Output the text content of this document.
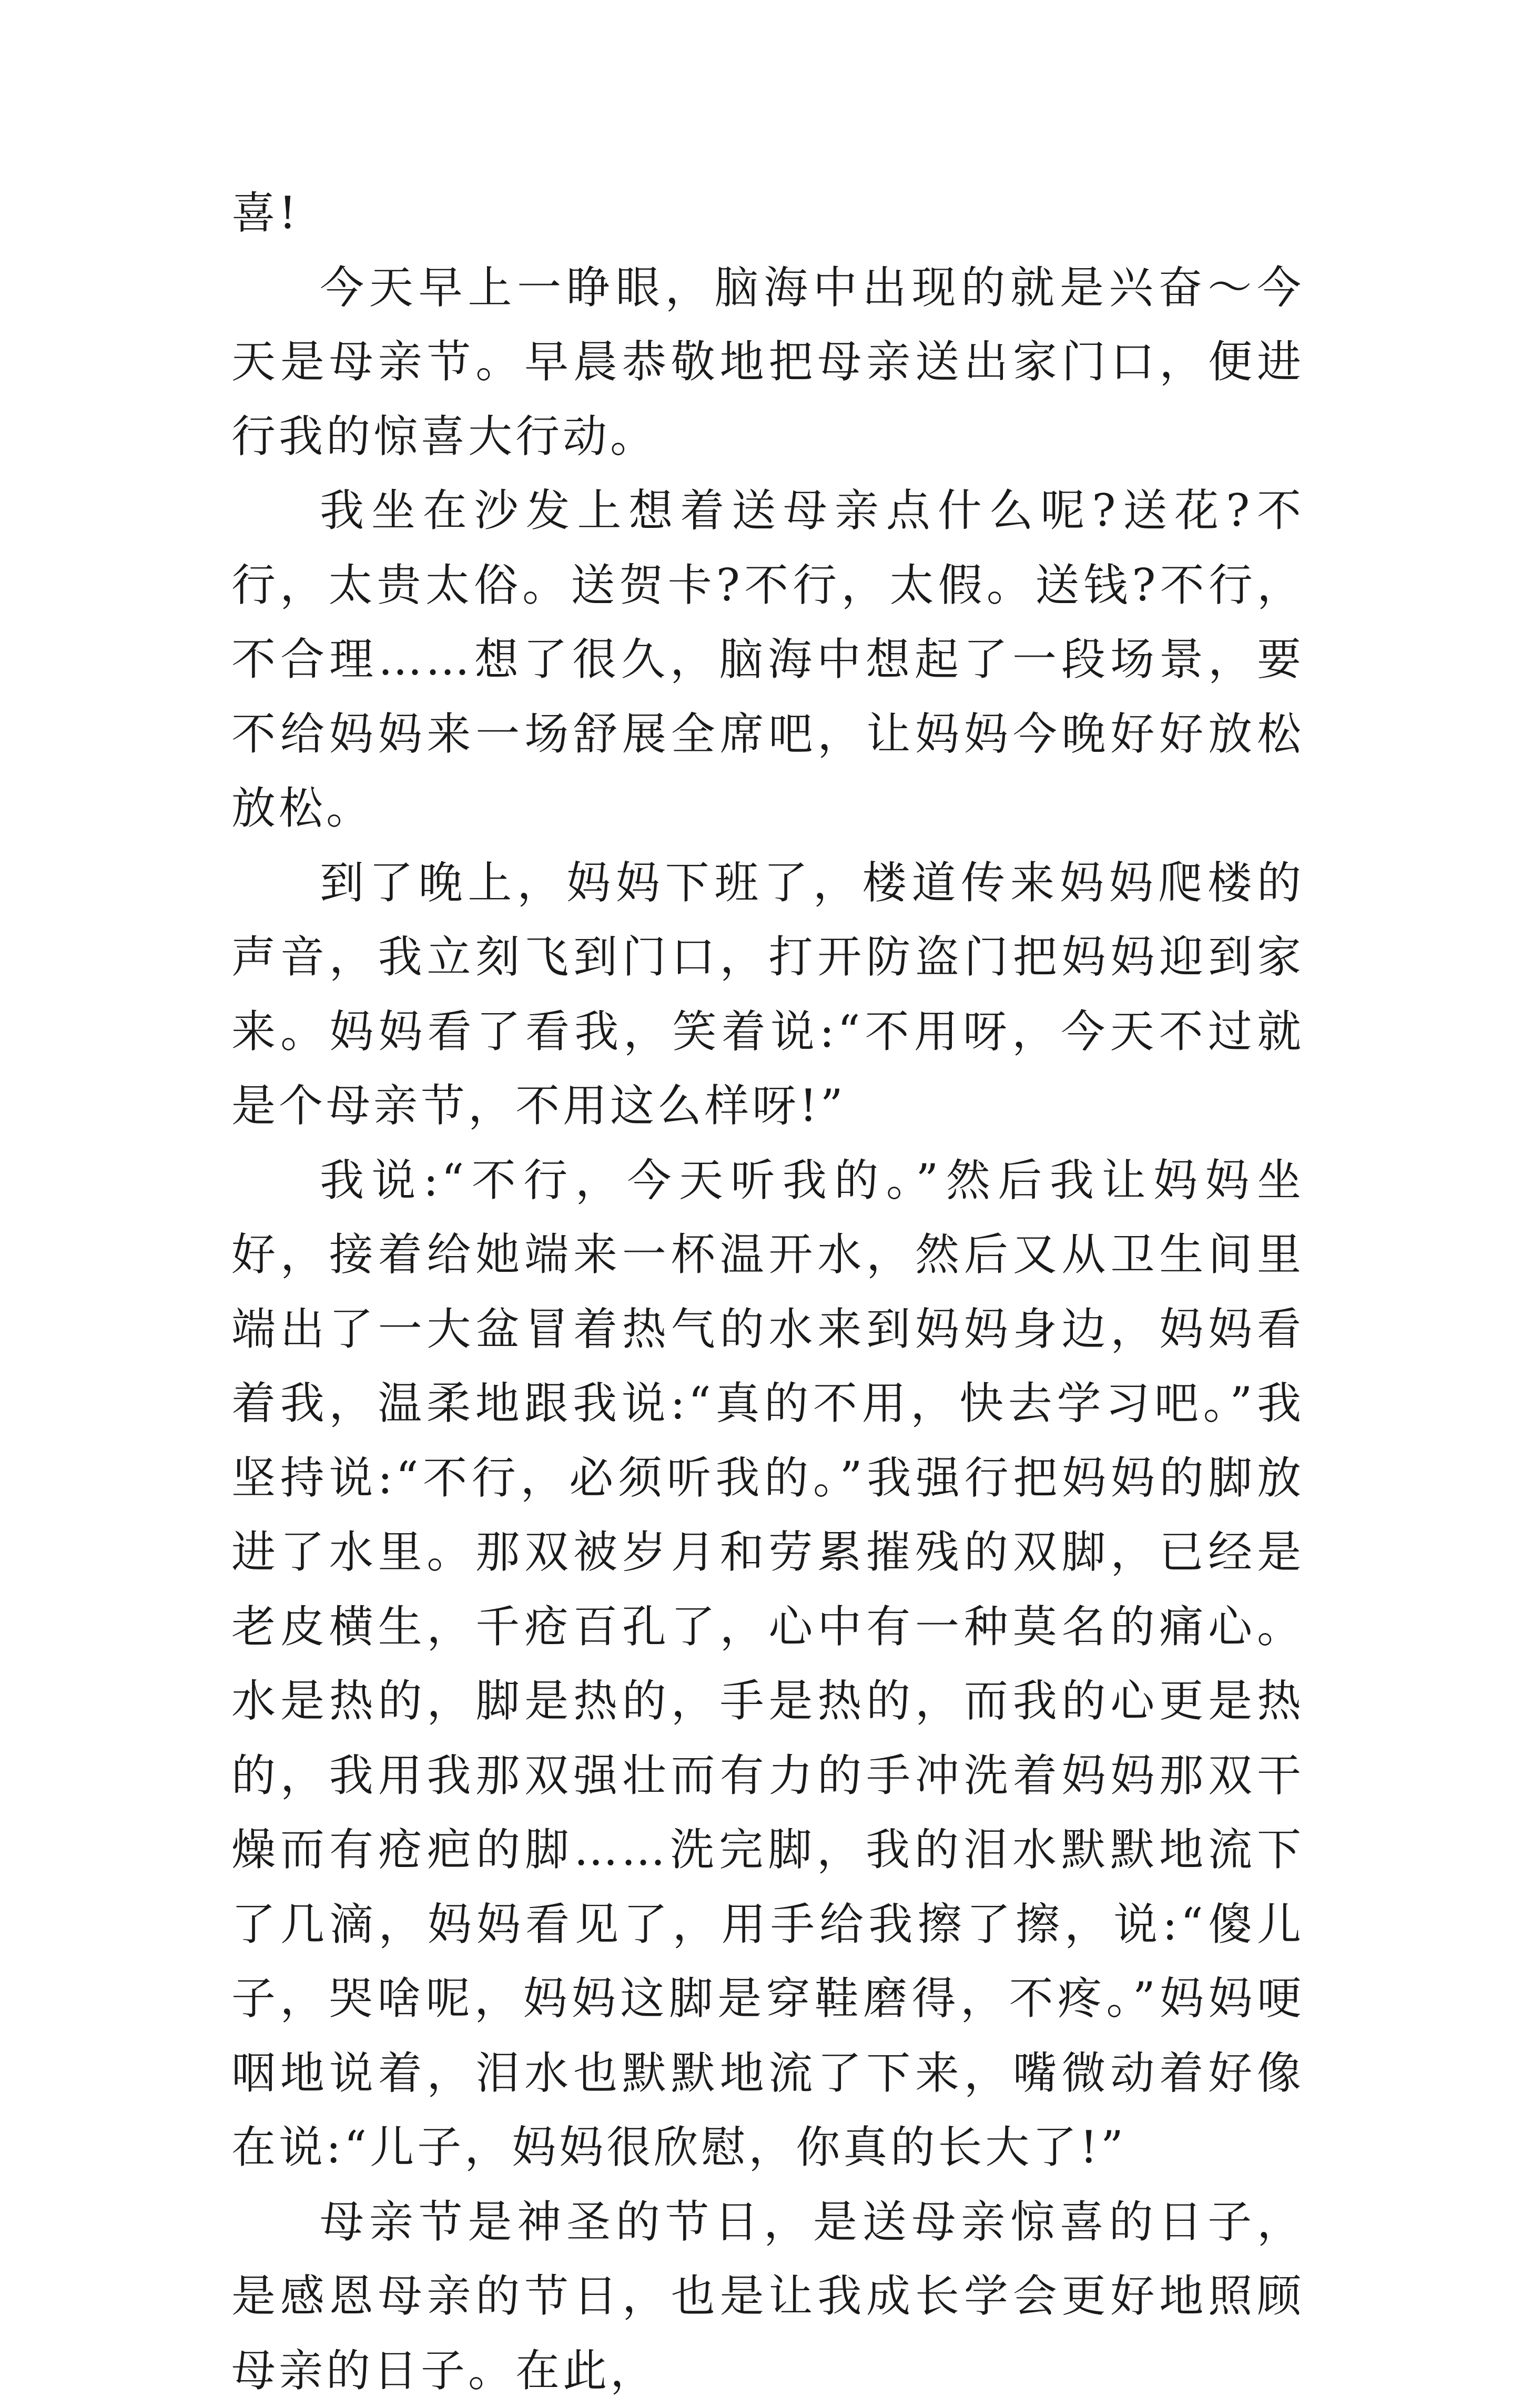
喜!

今天早上一睁眼，脑海中出现的就是兴奋～今天是母亲节。早晨恭敬地把母亲送出家门口，便进行我的惊喜大行动。

我坐在沙发上想着送母亲点什么呢?送花?不行，太贵太俗。送贺卡?不行，太假。送钱?不行，不合理……想了很久，脑海中想起了一段场景，要不给妈妈来一场舒展全席吧，让妈妈今晚好好放松放松。

到了晚上，妈妈下班了，楼道传来妈妈爬楼的声音，我立刻飞到门口，打开防盗门把妈妈迎到家来。妈妈看了看我，笑着说:“不用呀，今天不过就是个母亲节，不用这么样呀!”

我说:“不行，今天听我的。”然后我让妈妈坐好，接着给她端来一杯温开水，然后又从卫生间里端出了一大盆冒着热气的水来到妈妈身边，妈妈看着我，温柔地跟我说:“真的不用，快去学习吧。”我坚持说:“不行，必须听我的。”我强行把妈妈的脚放进了水里。那双被岁月和劳累摧残的双脚，已经是老皮横生，千疮百孔了，心中有一种莫名的痛心。水是热的，脚是热的，手是热的，而我的心更是热的，我用我那双强壮而有力的手冲洗着妈妈那双干燥而有疮疤的脚……洗完脚，我的泪水默默地流下了几滴，妈妈看见了，用手给我擦了擦，说:“傻儿子，哭啥呢，妈妈这脚是穿鞋磨得，不疼。”妈妈哽咽地说着，泪水也默默地流了下来，嘴微动着好像在说:“儿子，妈妈很欣慰，你真的长大了!”

母亲节是神圣的节日，是送母亲惊喜的日子，是感恩母亲的节日，也是让我成长学会更好地照顾母亲的日子。在此，
